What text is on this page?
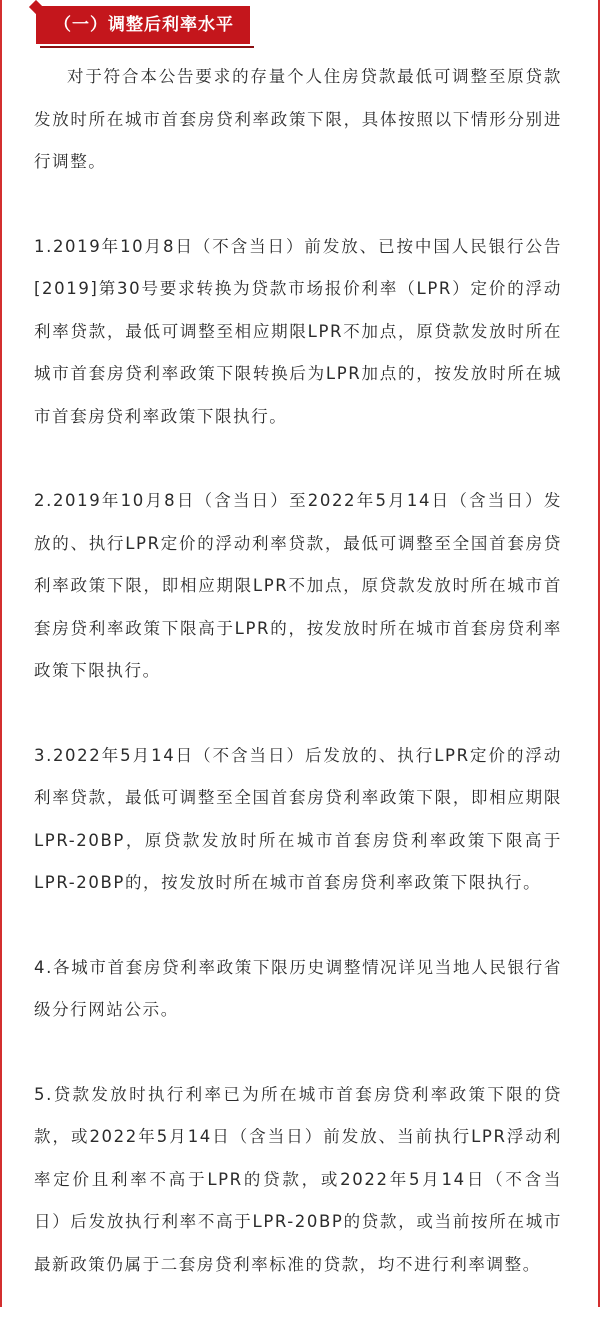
（一）调整后利率水平

对于符合本公告要求的存量个人住房贷款最低可调整至原贷款发放时所在城市首套房贷利率政策下限，具体按照以下情形分别进行调整。

1.2019年10月8日（不含当日）前发放、已按中国人民银行公告[2019]第30号要求转换为贷款市场报价利率（LPR）定价的浮动利率贷款，最低可调整至相应期限LPR不加点，原贷款发放时所在城市首套房贷利率政策下限转换后为LPR加点的，按发放时所在城市首套房贷利率政策下限执行。

2.2019年10月8日（含当日）至2022年5月14日（含当日）发放的、执行LPR定价的浮动利率贷款，最低可调整至全国首套房贷利率政策下限，即相应期限LPR不加点，原贷款发放时所在城市首套房贷利率政策下限高于LPR的，按发放时所在城市首套房贷利率政策下限执行。

3.2022年5月14日（不含当日）后发放的、执行LPR定价的浮动利率贷款，最低可调整至全国首套房贷利率政策下限，即相应期限LPR-20BP，原贷款发放时所在城市首套房贷利率政策下限高于LPR-20BP的，按发放时所在城市首套房贷利率政策下限执行。

4.各城市首套房贷利率政策下限历史调整情况详见当地人民银行省级分行网站公示。

5.贷款发放时执行利率已为所在城市首套房贷利率政策下限的贷款，或2022年5月14日（含当日）前发放、当前执行LPR浮动利率定价且利率不高于LPR的贷款，或2022年5月14日（不含当日）后发放执行利率不高于LPR-20BP的贷款，或当前按所在城市最新政策仍属于二套房贷利率标准的贷款，均不进行利率调整。
